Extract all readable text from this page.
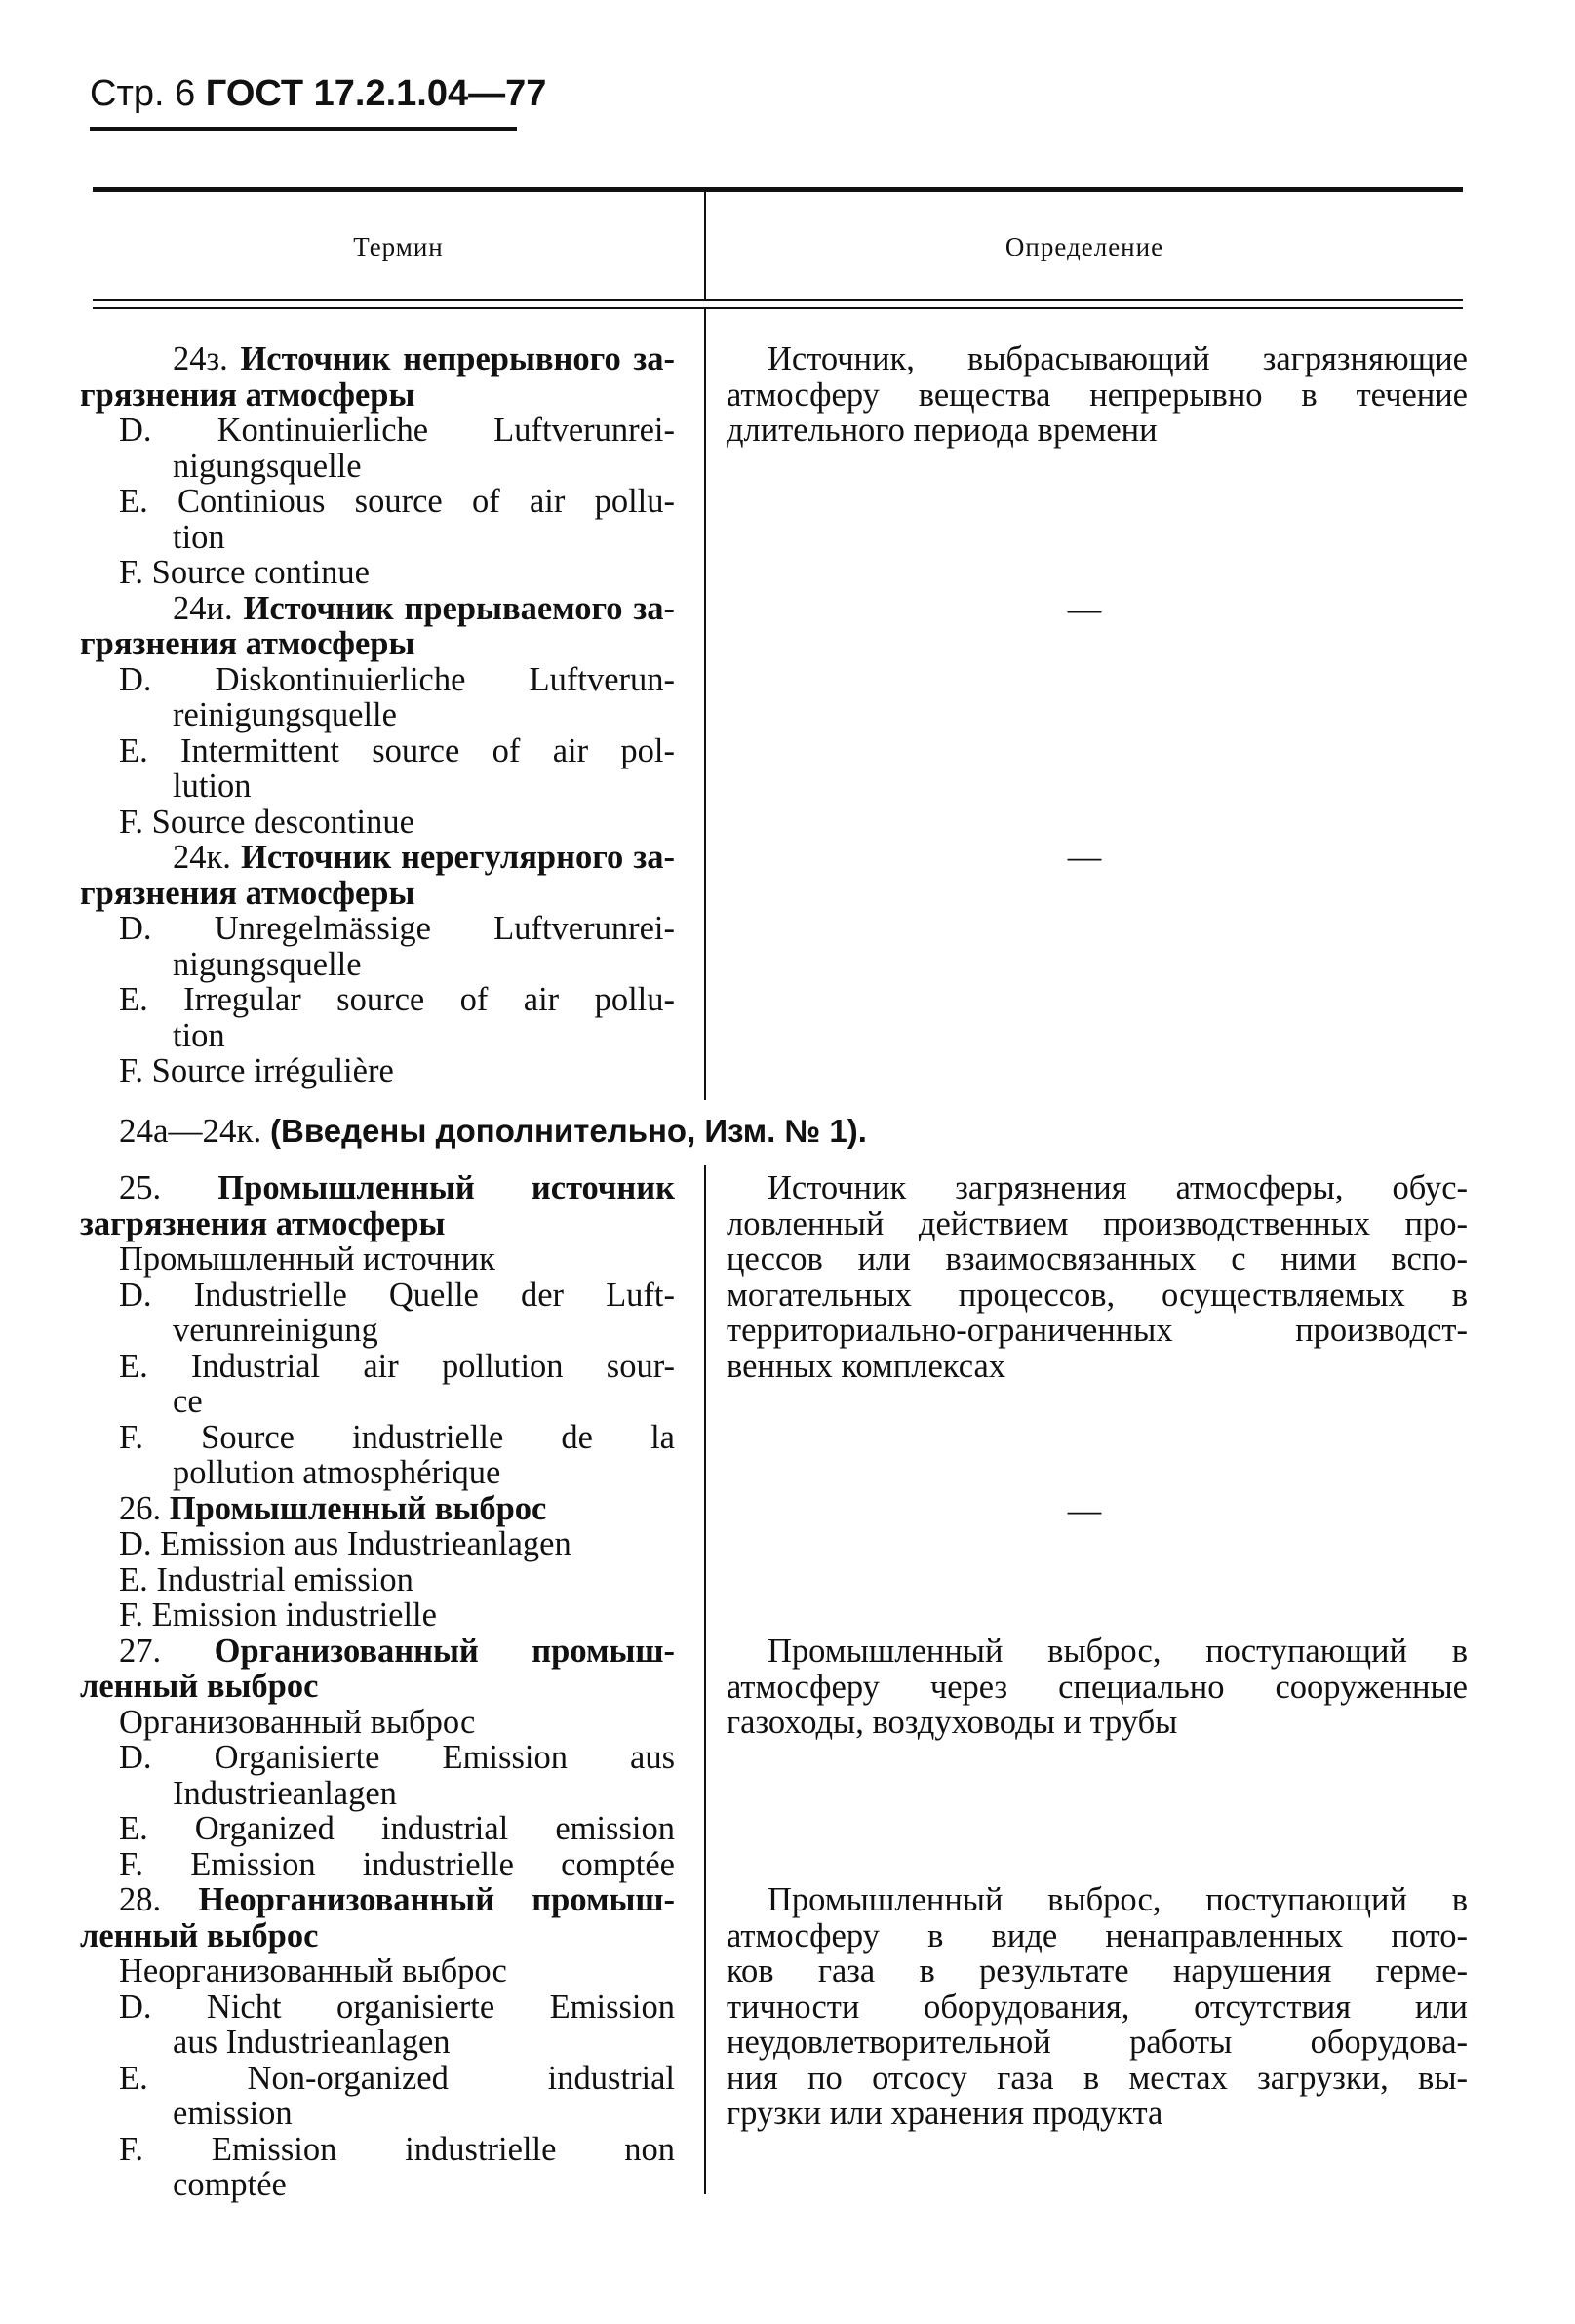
Стр. 6 ГОСТ 17.2.1.04—77
Термин	Определение
24з. Источник непрерывного за-
грязнения атмосферы
D. Kontinuierliche Luftverunrei-
nigungsquelle
E. Continious source of air pollu-
tion
F. Source continue
24и. Источник прерываемого за-
грязнения атмосферы
D. Diskontinuierliche Luftverun-
reinigungsquelle
E. Intermittent source of air pol-
lution
F. Source descontinue
24к. Источник нерегулярного за-
грязнения атмосферы
D. Unregelmässige Luftverunrei-
nigungsquelle
E. Irregular source of air pollu-
tion
F. Source irrégulière
Источник, выбрасывающий загрязняющие
атмосферу вещества непрерывно в течение
длительного периода времени
—
—
24а—24к. (Введены дополнительно, Изм. № 1).
25. Промышленный источник
загрязнения атмосферы
Промышленный источник
D. Industrielle Quelle der Luft-
verunreinigung
E. Industrial air pollution sour-
ce
F. Source industrielle de la
pollution atmosphérique
26. Промышленный выброс
D. Emission aus Industrieanlagen
E. Industrial emission
F. Emission industrielle
27. Организованный промыш-
ленный выброс
Организованный выброс
D. Organisierte Emission aus
Industrieanlagen
E. Organized industrial emission
F. Emission industrielle comptée
28. Неорганизованный промыш-
ленный выброс
Неорганизованный выброс
D. Nicht organisierte Emission
aus Industrieanlagen
E. Non-organized industrial
emission
F. Emission industrielle non
comptée
Источник загрязнения атмосферы, обус-
ловленный действием производственных про-
цессов или взаимосвязанных с ними вспо-
могательных процессов, осуществляемых в
территориально-ограниченных производст-
венных комплексах
—
Промышленный выброс, поступающий в
атмосферу через специально сооруженные
газоходы, воздуховоды и трубы
Промышленный выброс, поступающий в
атмосферу в виде ненаправленных пото-
ков газа в результате нарушения герме-
тичности оборудования, отсутствия или
неудовлетворительной работы оборудова-
ния по отсосу газа в местах загрузки, вы-
грузки или хранения продукта
